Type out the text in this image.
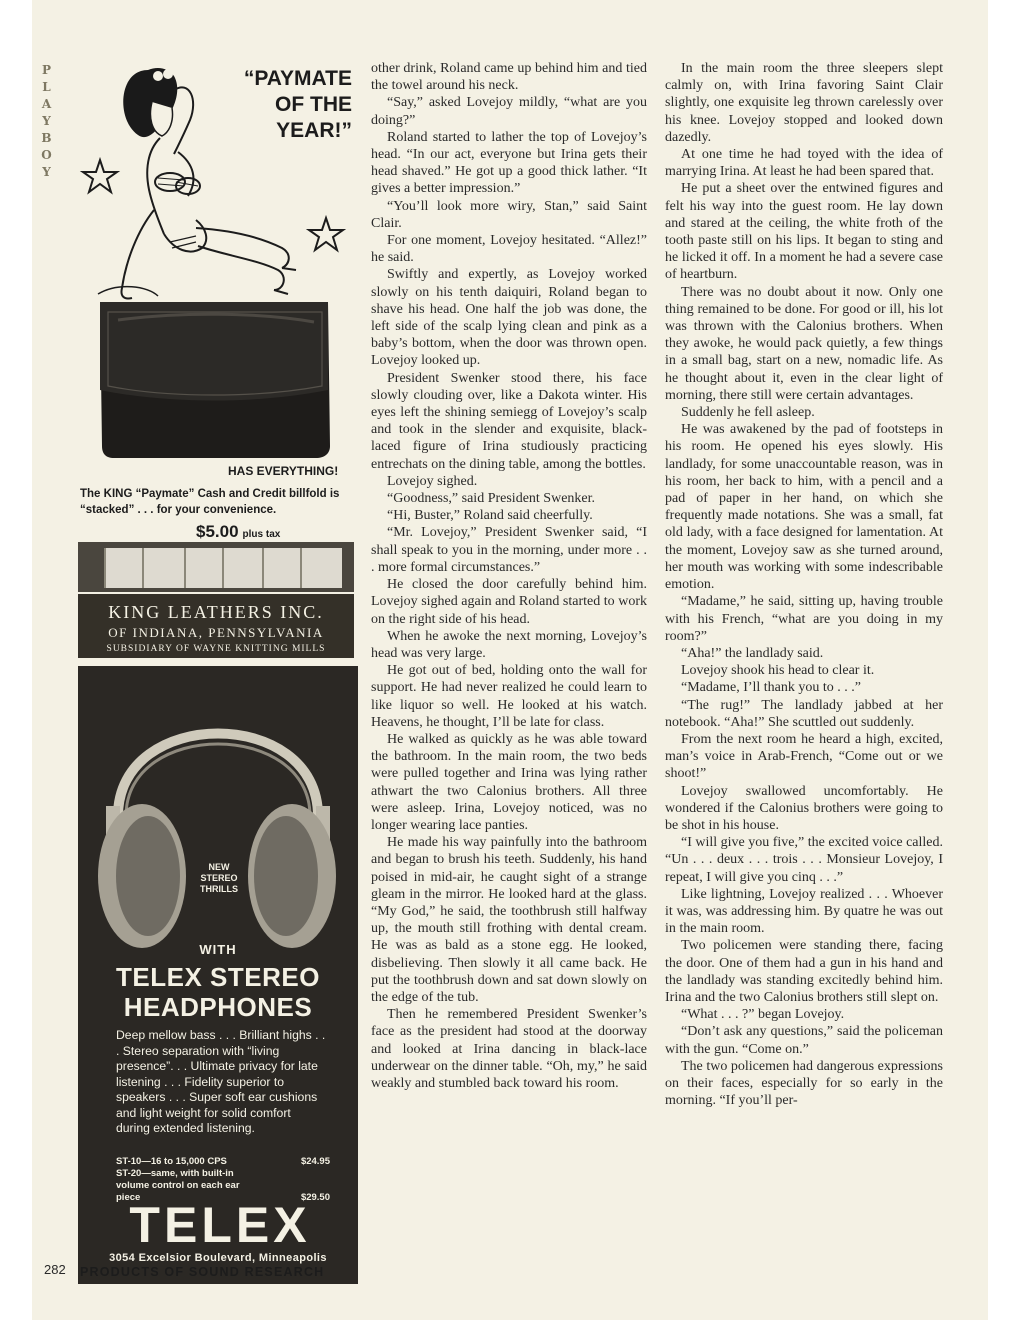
P
L
A
Y
B
O
Y
282
“PAYMATE
OF THE
YEAR!”
HAS EVERYTHING!
The KING “Paymate” Cash and Credit billfold is “stacked” . . . for your convenience.
$5.00 plus tax
KING LEATHERS INC.
OF INDIANA, PENNSYLVANIA
SUBSIDIARY OF WAYNE KNITTING MILLS
NEW
STEREO
THRILLS
WITH
TELEX STEREO
HEADPHONES
Deep mellow bass . . . Brilliant highs . . . Stereo separation with “living presence”. . . Ultimate privacy for late listening . . . Fidelity superior to speakers . . . Super soft ear cushions and light weight for solid comfort during extended listening.
ST-10—16 to 15,000 CPS	$24.95
ST-20—same, with built-in volume control on each ear piece	$29.50
TELEX
3054 Excelsior Boulevard, Minneapolis
PRODUCTS OF SOUND RESEARCH

other drink, Roland came up behind him and tied the towel around his neck.

“Say,” asked Lovejoy mildly, “what are you doing?”

Roland started to lather the top of Lovejoy’s head. “In our act, everyone but Irina gets their head shaved.” He got up a good thick lather. “It gives a better impression.”

“You’ll look more wiry, Stan,” said Saint Clair.

For one moment, Lovejoy hesitated. “Allez!” he said.

Swiftly and expertly, as Lovejoy worked slowly on his tenth daiquiri, Roland began to shave his head. One half the job was done, the left side of the scalp lying clean and pink as a baby’s bottom, when the door was thrown open. Lovejoy looked up.

President Swenker stood there, his face slowly clouding over, like a Dakota winter. His eyes left the shining semiegg of Lovejoy’s scalp and took in the slender and exquisite, black-laced figure of Irina studiously practicing entrechats on the dining table, among the bottles.

Lovejoy sighed.

“Goodness,” said President Swenker.

“Hi, Buster,” Roland said cheerfully.

“Mr. Lovejoy,” President Swenker said, “I shall speak to you in the morning, under more . . . more formal circumstances.”

He closed the door carefully behind him. Lovejoy sighed again and Roland started to work on the right side of his head.

When he awoke the next morning, Lovejoy’s head was very large.

He got out of bed, holding onto the wall for support. He had never realized he could learn to like liquor so well. He looked at his watch. Heavens, he thought, I’ll be late for class.

He walked as quickly as he was able toward the bathroom. In the main room, the two beds were pulled together and Irina was lying rather athwart the two Calonius brothers. All three were asleep. Irina, Lovejoy noticed, was no longer wearing lace panties.

He made his way painfully into the bathroom and began to brush his teeth. Suddenly, his hand poised in mid-air, he caught sight of a strange gleam in the mirror. He looked hard at the glass. “My God,” he said, the toothbrush still halfway up, the mouth still frothing with dental cream. He was as bald as a stone egg. He looked, disbelieving. Then slowly it all came back. He put the toothbrush down and sat down slowly on the edge of the tub.

Then he remembered President Swenker’s face as the president had stood at the doorway and looked at Irina dancing in black-lace underwear on the dinner table. “Oh, my,” he said weakly and stumbled back toward his room.

In the main room the three sleepers slept calmly on, with Irina favoring Saint Clair slightly, one exquisite leg thrown carelessly over his knee. Lovejoy stopped and looked down dazedly.

At one time he had toyed with the idea of marrying Irina. At least he had been spared that.

He put a sheet over the entwined figures and felt his way into the guest room. He lay down and stared at the ceiling, the white froth of the tooth paste still on his lips. It began to sting and he licked it off. In a moment he had a severe case of heartburn.

There was no doubt about it now. Only one thing remained to be done. For good or ill, his lot was thrown with the Calonius brothers. When they awoke, he would pack quietly, a few things in a small bag, start on a new, nomadic life. As he thought about it, even in the clear light of morning, there still were certain advantages.

Suddenly he fell asleep.

He was awakened by the pad of footsteps in his room. He opened his eyes slowly. His landlady, for some unaccountable reason, was in his room, her back to him, with a pencil and a pad of paper in her hand, on which she frequently made notations. She was a small, fat old lady, with a face designed for lamentation. At the moment, Lovejoy saw as she turned around, her mouth was working with some indescribable emotion.

“Madame,” he said, sitting up, having trouble with his French, “what are you doing in my room?”

“Aha!” the landlady said.

Lovejoy shook his head to clear it.

“Madame, I’ll thank you to . . .”

“The rug!” The landlady jabbed at her notebook. “Aha!” She scuttled out suddenly.

From the next room he heard a high, excited, man’s voice in Arab-French, “Come out or we shoot!”

Lovejoy swallowed uncomfortably. He wondered if the Calonius brothers were going to be shot in his house.

“I will give you five,” the excited voice called. “Un . . . deux . . . trois . . . Monsieur Lovejoy, I repeat, I will give you cinq . . .”

Like lightning, Lovejoy realized . . . Whoever it was, was addressing him. By quatre he was out in the main room.

Two policemen were standing there, facing the door. One of them had a gun in his hand and the landlady was standing excitedly behind him. Irina and the two Calonius brothers still slept on.

“What . . . ?” began Lovejoy.

“Don’t ask any questions,” said the policeman with the gun. “Come on.”

The two policemen had dangerous expressions on their faces, especially for so early in the morning. “If you’ll per-
